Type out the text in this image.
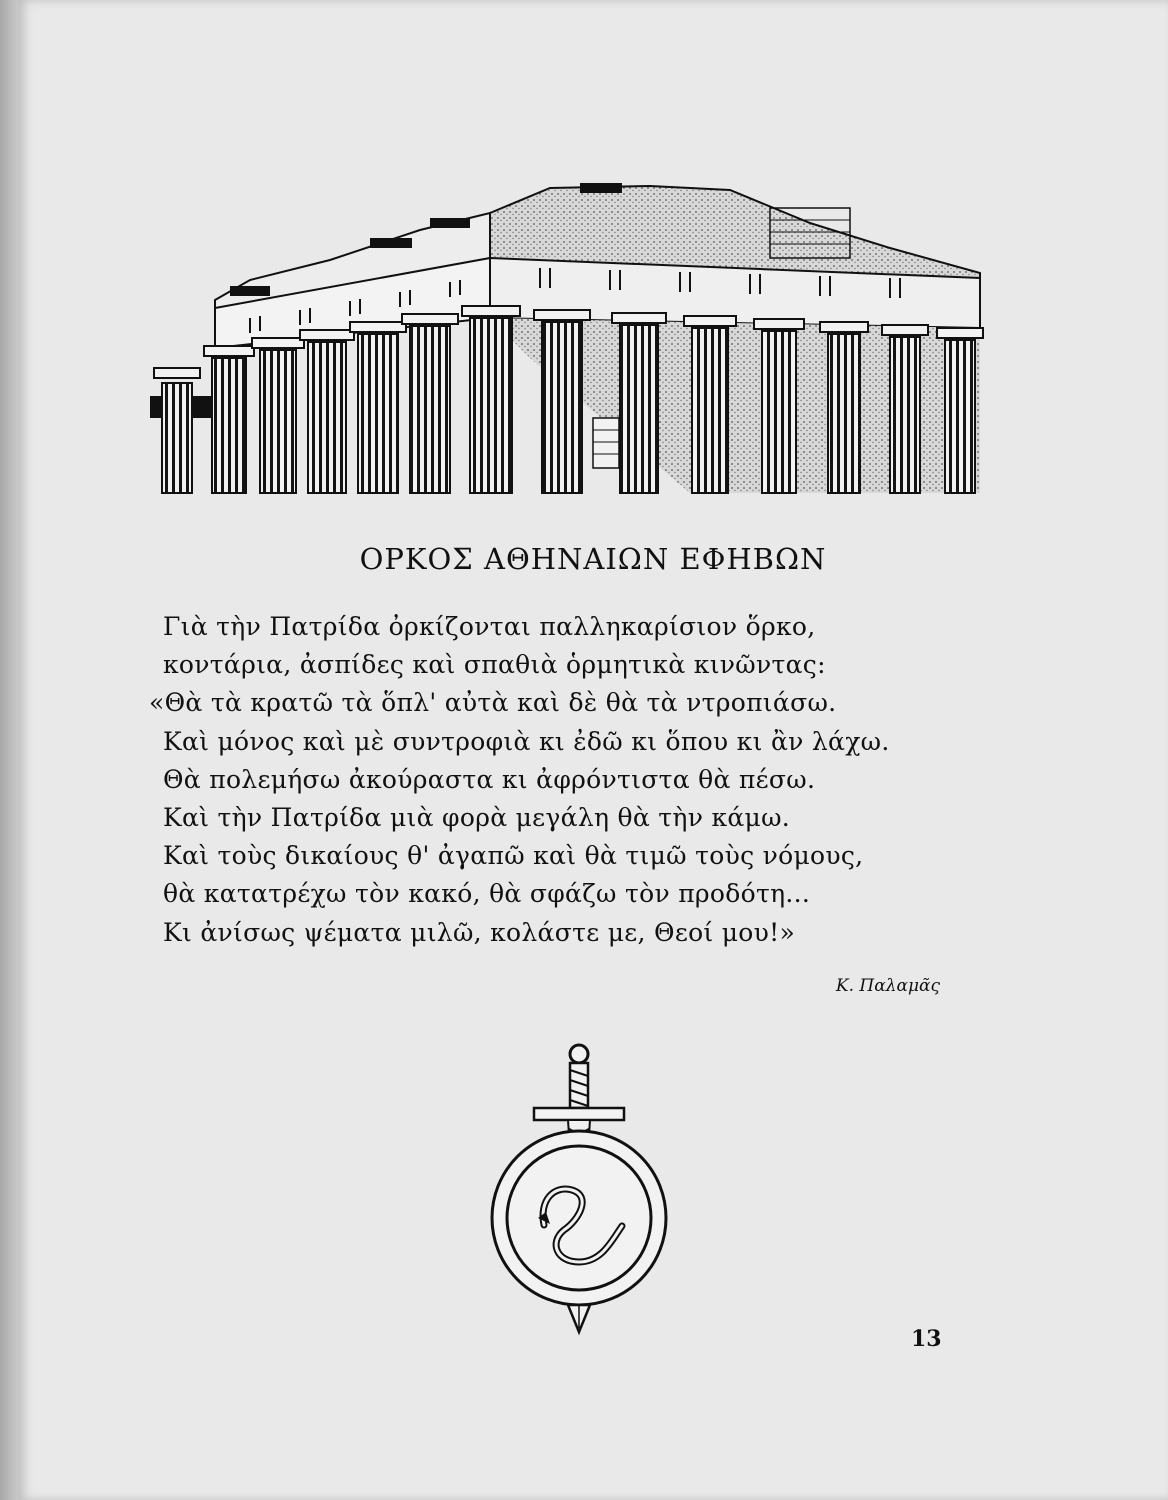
ΟΡΚΟΣ ΑΘΗΝΑΙΩΝ ΕΦΗΒΩΝ
Γιὰ τὴν Πατρίδα ὀρκίζονται παλληκαρίσιον ὅρκο,
κοντάρια, ἀσπίδες καὶ σπαθιὰ ὁρμητικὰ κινῶντας:
«Θὰ τὰ κρατῶ τὰ ὅπλ' αὐτὰ καὶ δὲ θὰ τὰ ντροπιάσω.
Καὶ μόνος καὶ μὲ συντροφιὰ κι ἐδῶ κι ὅπου κι ἂν λάχω.
Θὰ πολεμήσω ἀκούραστα κι ἀφρόντιστα θὰ πέσω.
Καὶ τὴν Πατρίδα μιὰ φορὰ μεγάλη θὰ τὴν κάμω.
Καὶ τοὺς δικαίους θ' ἀγαπῶ καὶ θὰ τιμῶ τοὺς νόμους,
θὰ κατατρέχω τὸν κακό, θὰ σφάζω τὸν προδότη...
Κι ἀνίσως ψέματα μιλῶ, κολάστε με, Θεοί μου!»
Κ. Παλαμᾶς
13
